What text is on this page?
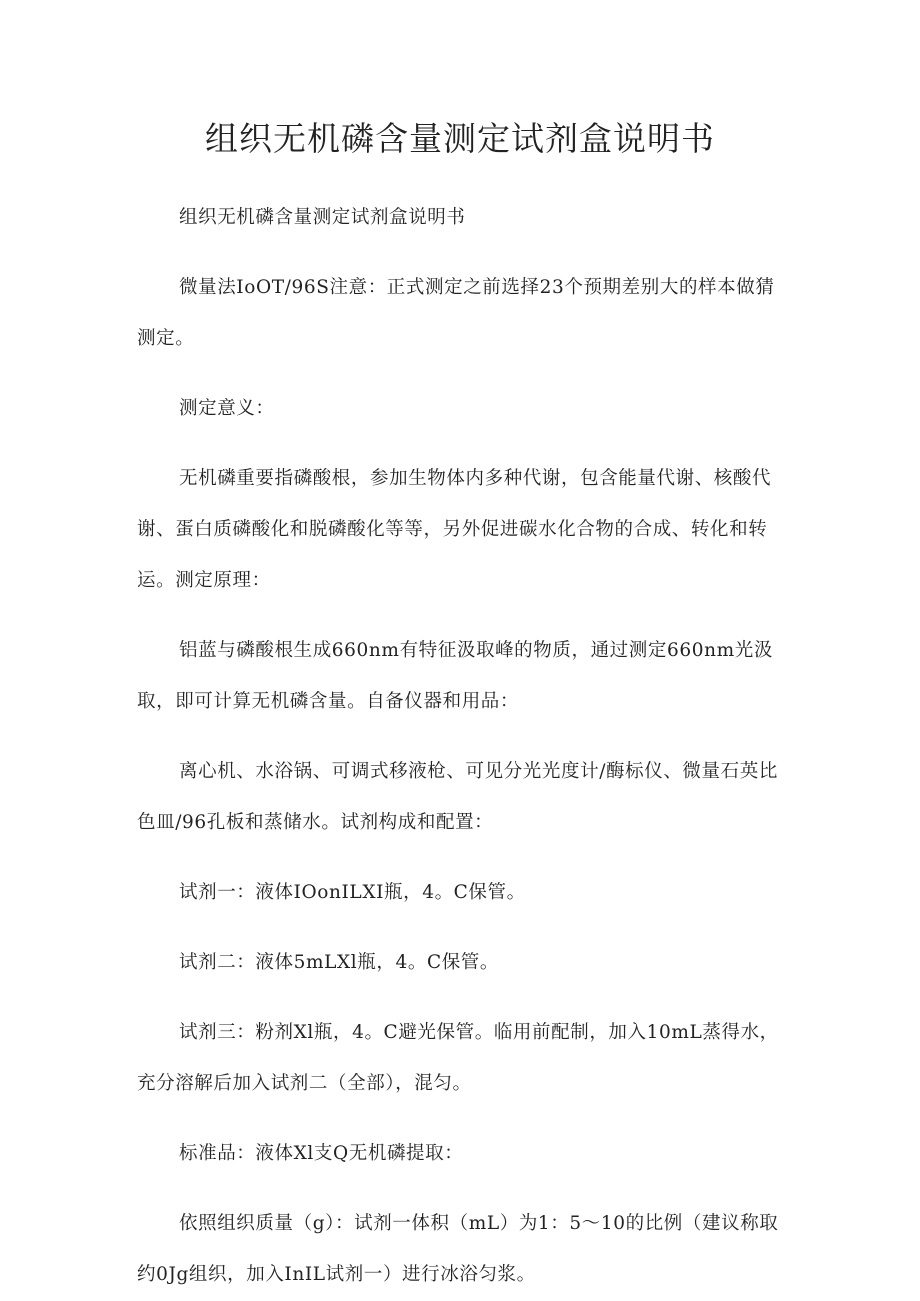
组织无机磷含量测定试剂盒说明书

组织无机磷含量测定试剂盒说明书

微量法IoOT/96S注意：正式测定之前选择23个预期差别大的样本做猜测定。

测定意义：

无机磷重要指磷酸根，参加生物体内多种代谢，包含能量代谢、核酸代谢、蛋白质磷酸化和脱磷酸化等等，另外促进碳水化合物的合成、转化和转运。测定原理：

铝蓝与磷酸根生成660nm有特征汲取峰的物质，通过测定660nm光汲取，即可计算无机磷含量。自备仪器和用品：

离心机、水浴锅、可调式移液枪、可见分光光度计/酶标仪、微量石英比色皿/96孔板和蒸储水。试剂构成和配置：

试剂一：液体IOonILXI瓶，4。C保管。

试剂二：液体5mLXl瓶，4。C保管。

试剂三：粉剂Xl瓶，4。C避光保管。临用前配制，加入10mL蒸得水，充分溶解后加入试剂二（全部），混匀。

标准品：液体Xl支Q无机磷提取：

依照组织质量（g）：试剂一体积（mL）为1：5～10的比例（建议称取约0Jg组织，加入InIL试剂一）进行冰浴匀浆。
